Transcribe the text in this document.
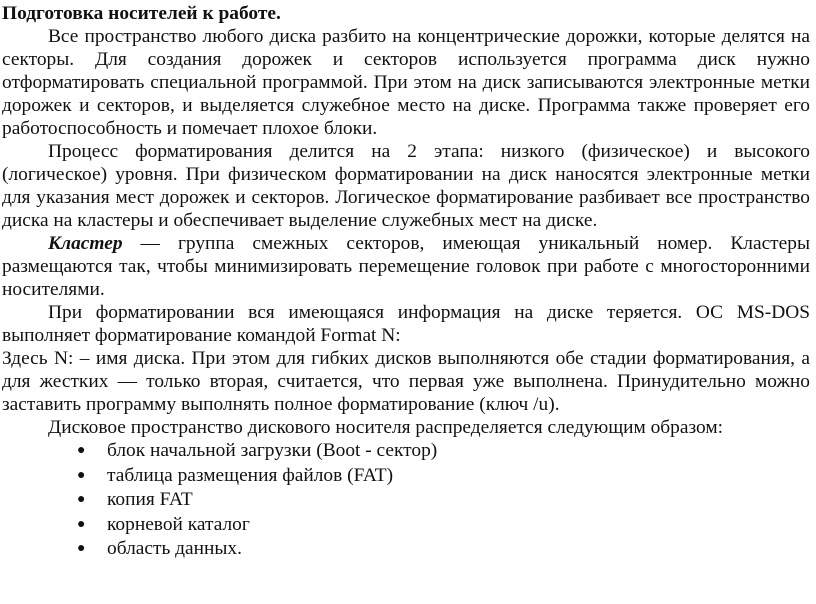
Подготовка носителей к работе.

Все пространство любого диска разбито на концентрические дорожки, которые делятся на секторы. Для создания дорожек и секторов используется программа диск нужно отформатировать специальной программой. При этом на диск записываются электронные метки дорожек и секторов, и выделяется служебное место на диске. Программа также проверяет его работоспособность и помечает плохое блоки.

Процесс форматирования делится на 2 этапа: низкого (физическое) и высокого (логическое) уровня. При физическом форматировании на диск наносятся электронные метки для указания мест дорожек и секторов. Логическое форматирование разбивает все пространство диска на кластеры и обеспечивает выделение служебных мест на диске.

Кластер — группа смежных секторов, имеющая уникальный номер. Кластеры размещаются так, чтобы минимизировать перемещение головок при работе с многосторонними носителями.

При форматировании вся имеющаяся информация на диске теряется. ОС MS-DOS выполняет форматирование командой Format N:

Здесь N: – имя диска. При этом для гибких дисков выполняются обе стадии форматирования, а для жестких — только вторая, считается, что первая уже выполнена. Принудительно можно заставить программу выполнять полное форматирование (ключ /u).

Дисковое пространство дискового носителя распределяется следующим образом:

● блок начальной загрузки (Boot - сектор)
● таблица размещения файлов (FAT)
● копия FAT
● корневой каталог
● область данных.
